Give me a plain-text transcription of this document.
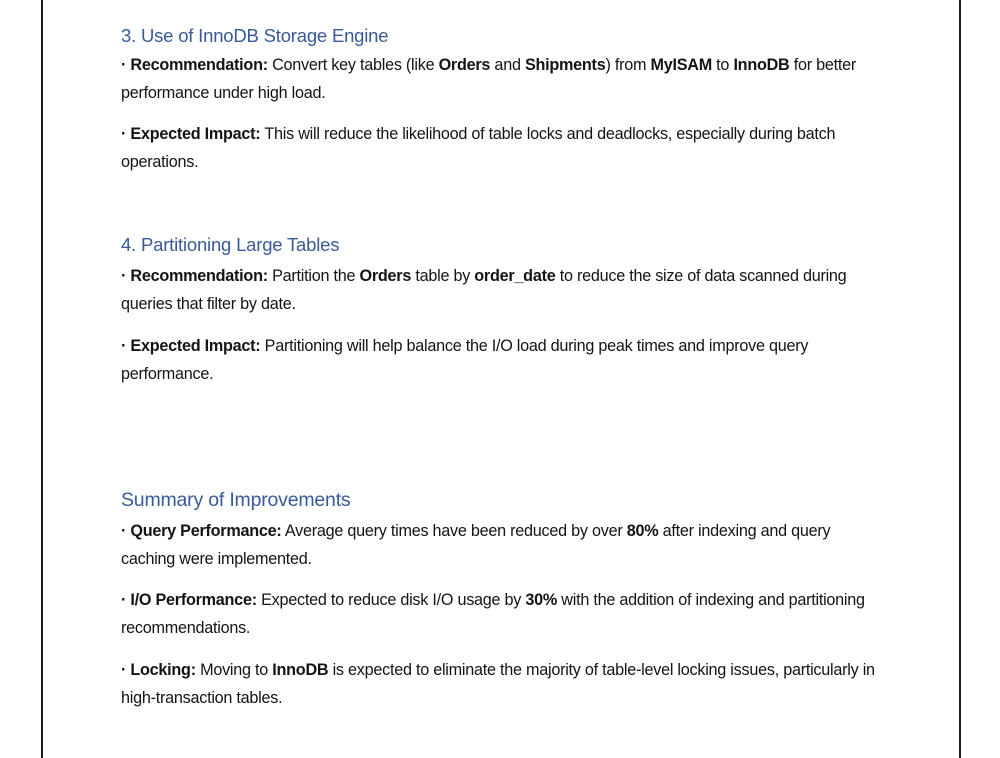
3. Use of InnoDB Storage Engine
· Recommendation: Convert key tables (like Orders and Shipments) from MyISAM to InnoDB for better performance under high load.
· Expected Impact: This will reduce the likelihood of table locks and deadlocks, especially during batch operations.
4. Partitioning Large Tables
· Recommendation: Partition the Orders table by order_date to reduce the size of data scanned during queries that filter by date.
· Expected Impact: Partitioning will help balance the I/O load during peak times and improve query performance.
Summary of Improvements
· Query Performance: Average query times have been reduced by over 80% after indexing and query caching were implemented.
· I/O Performance: Expected to reduce disk I/O usage by 30% with the addition of indexing and partitioning recommendations.
· Locking: Moving to InnoDB is expected to eliminate the majority of table-level locking issues, particularly in high-transaction tables.
